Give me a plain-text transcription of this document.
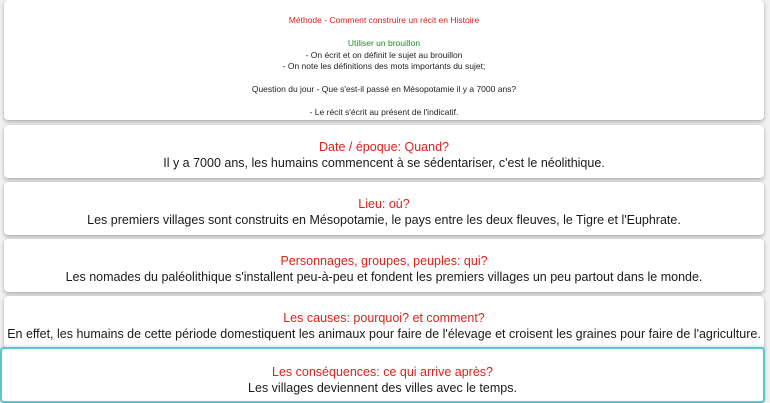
Méthode - Comment construire un récit en Histoire
Utiliser un brouillon
- On écrit et on définit le sujet au brouillon
- On note les définitions des mots importants du sujet;
Question du jour - Que s'est-il passé en Mésopotamie il y a 7000 ans?
- Le récit s'écrit au présent de l'indicatif.
Date / époque: Quand?
Il y a 7000 ans, les humains commencent à se sédentariser, c'est le néolithique.
Lieu: où?
Les premiers villages sont construits en Mésopotamie, le pays entre les deux fleuves, le Tigre et l'Euphrate.
Personnages, groupes, peuples: qui?
Les nomades du paléolithique s'installent peu-à-peu et fondent les premiers villages un peu partout dans le monde.
Les causes: pourquoi? et comment?
En effet, les humains de cette période domestiquent les animaux pour faire de l'élevage et croisent les graines pour faire de l'agriculture.
Les conséquences: ce qui arrive après?
Les villages deviennent des villes avec le temps.
